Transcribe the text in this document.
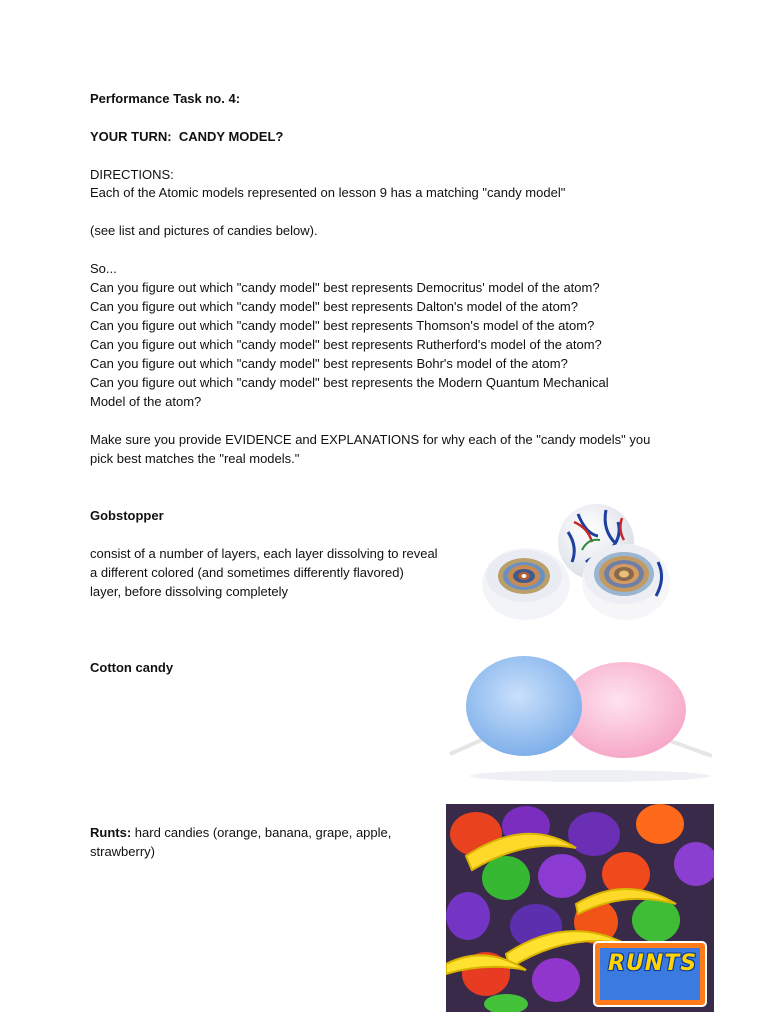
Performance Task no. 4:
YOUR TURN: CANDY MODEL?
DIRECTIONS:
Each of the Atomic models represented on lesson 9 has a matching "candy model"
(see list and pictures of candies below).
So...
Can you figure out which "candy model" best represents Democritus' model of the atom?
Can you figure out which "candy model" best represents Dalton's model of the atom?
Can you figure out which "candy model" best represents Thomson's model of the atom?
Can you figure out which "candy model" best represents Rutherford's model of the atom?
Can you figure out which "candy model" best represents Bohr's model of the atom?
Can you figure out which "candy model" best represents the Modern Quantum Mechanical
Model of the atom?
Make sure you provide EVIDENCE and EXPLANATIONS for why each of the "candy models" you
pick best matches the "real models."
Gobstopper
consist of a number of layers, each layer dissolving to reveal
a different colored (and sometimes differently flavored)
layer, before dissolving completely
Cotton candy
Runts: hard candies (orange, banana, grape, apple,
strawberry)
RUNTS
